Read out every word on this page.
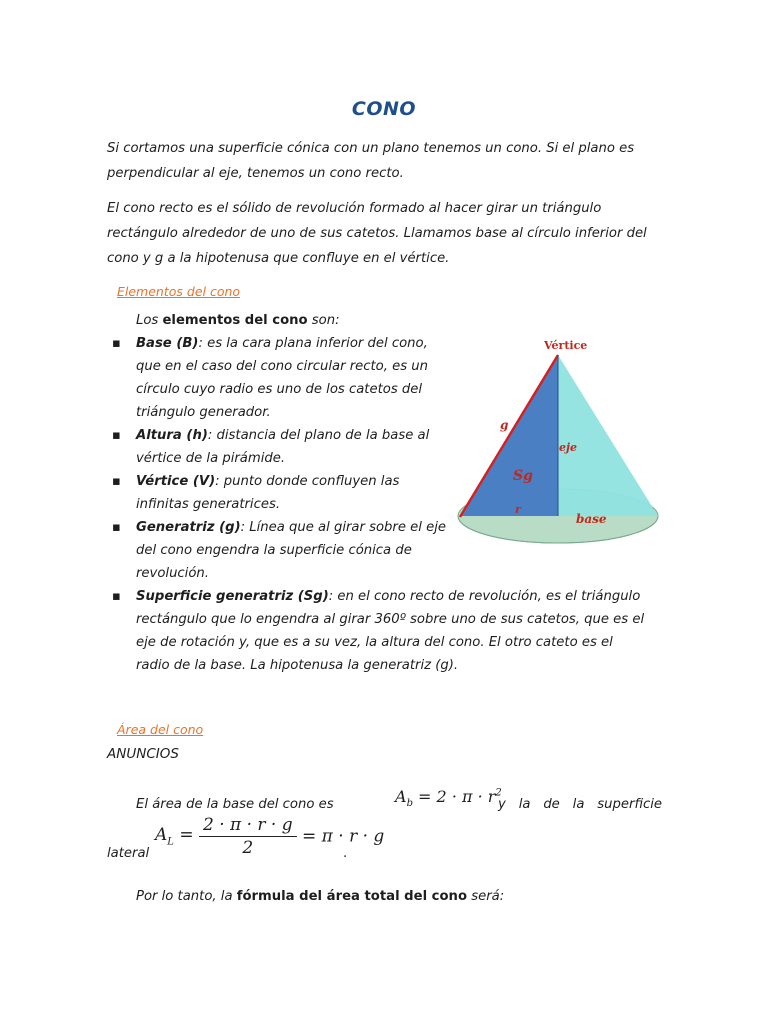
CONO
Si cortamos una superficie cónica con un plano tenemos un cono. Si el plano es
perpendicular al eje, tenemos un cono recto.
El cono recto es el sólido de revolución formado al hacer girar un triángulo
rectángulo alrededor de uno de sus catetos. Llamamos base al círculo inferior del
cono y g a la hipotenusa que confluye en el vértice.
Elementos del cono
Los elementos del cono son:
▪ Base (B): es la cara plana inferior del cono,
que en el caso del cono circular recto, es un
círculo cuyo radio es uno de los catetos del
triángulo generador.
▪ Altura (h): distancia del plano de la base al
vértice de la pirámide.
▪ Vértice (V): punto donde confluyen las
infinitas generatrices.
▪ Generatriz (g): Línea que al girar sobre el eje
del cono engendra la superficie cónica de
revolución.
▪ Superficie generatriz (Sg): en el cono recto de revolución, es el triángulo
rectángulo que lo engendra al girar 360º sobre uno de sus catetos, que es el
eje de rotación y, que es a su vez, la altura del cono. El otro cateto es el
radio de la base. La hipotenusa la generatriz (g).
Vértice
g
eje
Sg
r
base
Área del cono
ANUNCIOS
El área de la base del cono es	$A_b = 2 \cdot \pi \cdot r^2$
y la de la superficie
lateral
$A_L = \frac{2 \cdot \pi \cdot r \cdot g}{2} = \pi \cdot r \cdot g$
.
Por lo tanto, la fórmula del área total del cono será:
